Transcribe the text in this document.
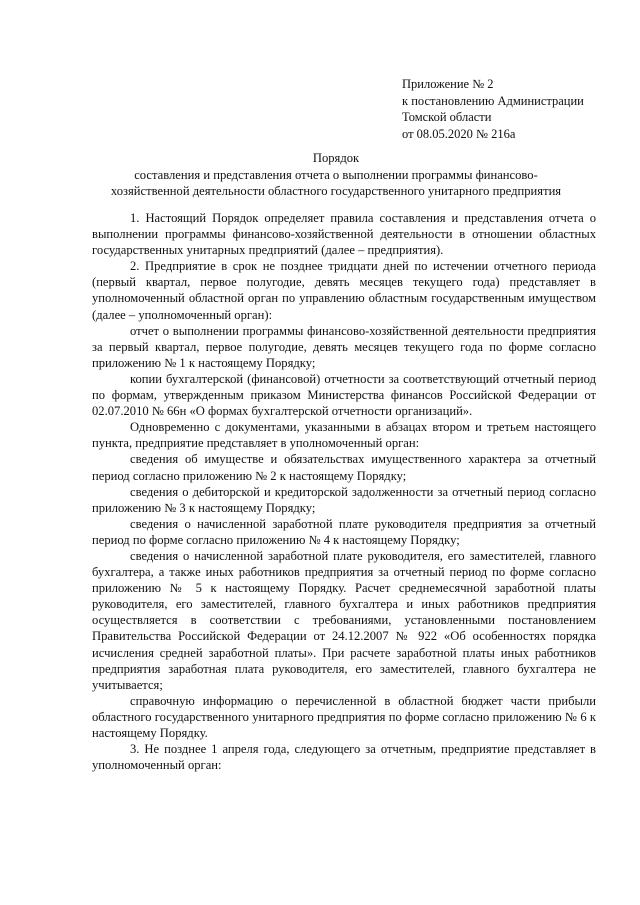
Приложение № 2
к постановлению Администрации
Томской области
от 08.05.2020 № 216а
Порядок
составления и представления отчета о выполнении программы финансово-
хозяйственной деятельности областного государственного унитарного предприятия

1. Настоящий Порядок определяет правила составления и представления отчета о выполнении программы финансово-хозяйственной деятельности в отношении областных государственных унитарных предприятий (далее – предприятия).

2. Предприятие в срок не позднее тридцати дней по истечении отчетного периода (первый квартал, первое полугодие, девять месяцев текущего года) представляет в уполномоченный областной орган по управлению областным государственным имуществом (далее – уполномоченный орган):

отчет о выполнении программы финансово-хозяйственной деятельности предприятия за первый квартал, первое полугодие, девять месяцев текущего года по форме согласно приложению № 1 к настоящему Порядку;

копии бухгалтерской (финансовой) отчетности за соответствующий отчетный период по формам, утвержденным приказом Министерства финансов Российской Федерации от 02.07.2010 № 66н «О формах бухгалтерской отчетности организаций».

Одновременно с документами, указанными в абзацах втором и третьем настоящего пункта, предприятие представляет в уполномоченный орган:

сведения об имуществе и обязательствах имущественного характера за отчетный период согласно приложению № 2 к настоящему Порядку;

сведения о дебиторской и кредиторской задолженности за отчетный период согласно приложению № 3 к настоящему Порядку;

сведения о начисленной заработной плате руководителя предприятия за отчетный период по форме согласно приложению № 4 к настоящему Порядку;

сведения о начисленной заработной плате руководителя, его заместителей, главного бухгалтера, а также иных работников предприятия за отчетный период по форме согласно приложению № 5 к настоящему Порядку. Расчет среднемесячной заработной платы руководителя, его заместителей, главного бухгалтера и иных работников предприятия осуществляется в соответствии с требованиями, установленными постановлением Правительства Российской Федерации от 24.12.2007 № 922 «Об особенностях порядка исчисления средней заработной платы». При расчете заработной платы иных работников предприятия заработная плата руководителя, его заместителей, главного бухгалтера не учитывается;

справочную информацию о перечисленной в областной бюджет части прибыли областного государственного унитарного предприятия по форме согласно приложению № 6 к настоящему Порядку.

3. Не позднее 1 апреля года, следующего за отчетным, предприятие представляет в уполномоченный орган:
